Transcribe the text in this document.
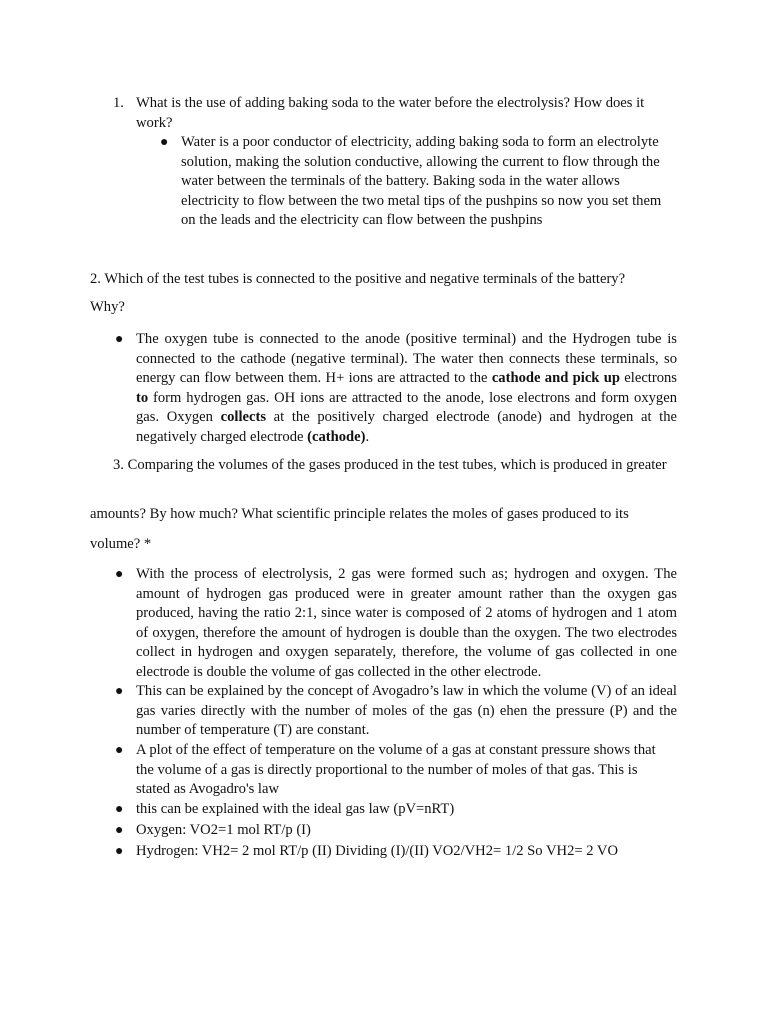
1. What is the use of adding baking soda to the water before the electrolysis? How does it work?

● Water is a poor conductor of electricity, adding baking soda to form an electrolyte solution, making the solution conductive, allowing the current to flow through the water between the terminals of the battery. Baking soda in the water allows electricity to flow between the two metal tips of the pushpins so now you set them on the leads and the electricity can flow between the pushpins

2. Which of the test tubes is connected to the positive and negative terminals of the battery?

Why?

● The oxygen tube is connected to the anode (positive terminal) and the Hydrogen tube is connected to the cathode (negative terminal). The water then connects these terminals, so energy can flow between them. H+ ions are attracted to the cathode and pick up electrons to form hydrogen gas. OH ions are attracted to the anode, lose electrons and form oxygen gas. Oxygen collects at the positively charged electrode (anode) and hydrogen at the negatively charged electrode (cathode).

3. Comparing the volumes of the gases produced in the test tubes, which is produced in greater

amounts? By how much? What scientific principle relates the moles of gases produced to its

volume? *

● With the process of electrolysis, 2 gas were formed such as; hydrogen and oxygen. The amount of hydrogen gas produced were in greater amount rather than the oxygen gas produced, having the ratio 2:1, since water is composed of 2 atoms of hydrogen and 1 atom of oxygen, therefore the amount of hydrogen is double than the oxygen. The two electrodes collect in hydrogen and oxygen separately, therefore, the volume of gas collected in one electrode is double the volume of gas collected in the other electrode.

● This can be explained by the concept of Avogadro’s law in which the volume (V) of an ideal gas varies directly with the number of moles of the gas (n) ehen the pressure (P) and the number of temperature (T) are constant.

● A plot of the effect of temperature on the volume of a gas at constant pressure shows that the volume of a gas is directly proportional to the number of moles of that gas. This is stated as Avogadro's law

● this can be explained with the ideal gas law (pV=nRT)

● Oxygen: VO2=1 mol RT/p (I)

● Hydrogen: VH2= 2 mol RT/p (II) Dividing (I)/(II) VO2/VH2= 1/2 So VH2= 2 VO
